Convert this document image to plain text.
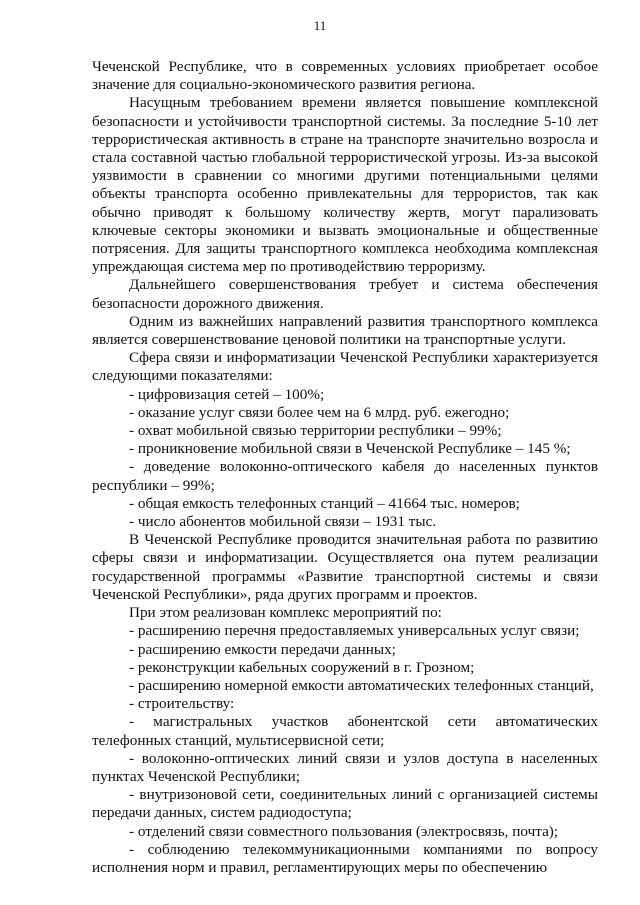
11

Чеченской Республике, что в современных условиях приобретает особое значение для социально-экономического развития региона.

Насущным требованием времени является повышение комплексной безопасности и устойчивости транспортной системы. За последние 5-10 лет террористическая активность в стране на транспорте значительно возросла и стала составной частью глобальной террористической угрозы. Из-за высокой уязвимости в сравнении со многими другими потенциальными целями объекты транспорта особенно привлекательны для террористов, так как обычно приводят к большому количеству жертв, могут парализовать ключевые секторы экономики и вызвать эмоциональные и общественные потрясения. Для защиты транспортного комплекса необходима комплексная упреждающая система мер по противодействию терроризму.

Дальнейшего совершенствования требует и система обеспечения безопасности дорожного движения.

Одним из важнейших направлений развития транспортного комплекса является совершенствование ценовой политики на транспортные услуги.

Сфера связи и информатизации Чеченской Республики характеризуется следующими показателями:

- цифровизация сетей – 100%;

- оказание услуг связи более чем на 6 млрд. руб. ежегодно;

- охват мобильной связью территории республики – 99%;

- проникновение мобильной связи в Чеченской Республике – 145 %;

- доведение волоконно-оптического кабеля до населенных пунктов республики – 99%;

- общая емкость телефонных станций – 41664 тыс. номеров;

- число абонентов мобильной связи – 1931 тыс.

В Чеченской Республике проводится значительная работа по развитию сферы связи и информатизации. Осуществляется она путем реализации государственной программы «Развитие транспортной системы и связи Чеченской Республики», ряда других программ и проектов.

При этом реализован комплекс мероприятий по:

- расширению перечня предоставляемых универсальных услуг связи;

- расширению емкости передачи данных;

- реконструкции кабельных сооружений в г. Грозном;

- расширению номерной емкости автоматических телефонных станций,

- строительству:

- магистральных участков абонентской сети автоматических телефонных станций, мультисервисной сети;

- волоконно-оптических линий связи и узлов доступа в населенных пунктах Чеченской Республики;

- внутризоновой сети, соединительных линий с организацией системы передачи данных, систем радиодоступа;

- отделений связи совместного пользования (электросвязь, почта);

- соблюдению телекоммуникационными компаниями по вопросу исполнения норм и правил, регламентирующих меры по обеспечению
